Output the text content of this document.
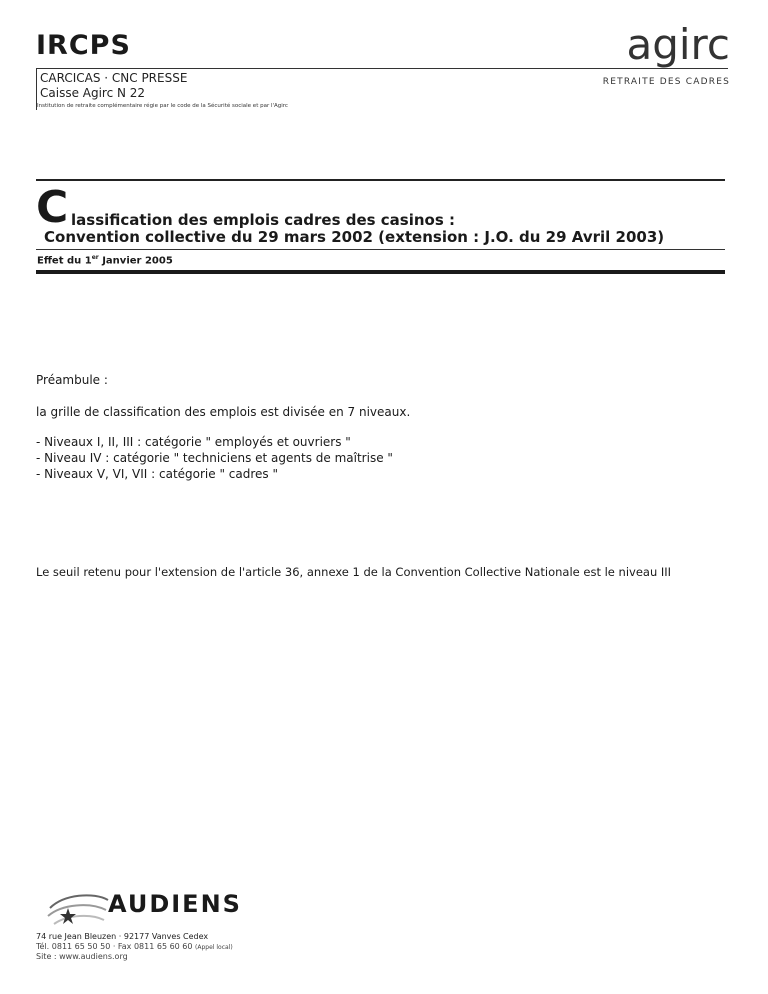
IRCPS
CARCICAS · CNC PRESSE
Caisse Agirc N 22
Institution de retraite complémentaire régie par le code de la Sécurité sociale et par l'Agirc
agirc
RETRAITE DES CADRES
C lassification des emplois cadres des casinos :
Convention collective du 29 mars 2002 (extension : J.O. du 29 Avril 2003)
Effet du 1er Janvier 2005
Préambule :
la grille de classification des emplois est divisée en 7 niveaux.
- Niveaux I, II, III : catégorie " employés et ouvriers "
- Niveau IV : catégorie " techniciens et agents de maîtrise "
- Niveaux V, VI, VII : catégorie " cadres "
Le seuil retenu pour l'extension de l'article 36, annexe 1 de la Convention Collective Nationale est le niveau III
AUDIENS
74 rue Jean Bleuzen · 92177 Vanves Cedex
Tél. 0811 65 50 50 · Fax 0811 65 60 60 (Appel local)
Site : www.audiens.org
